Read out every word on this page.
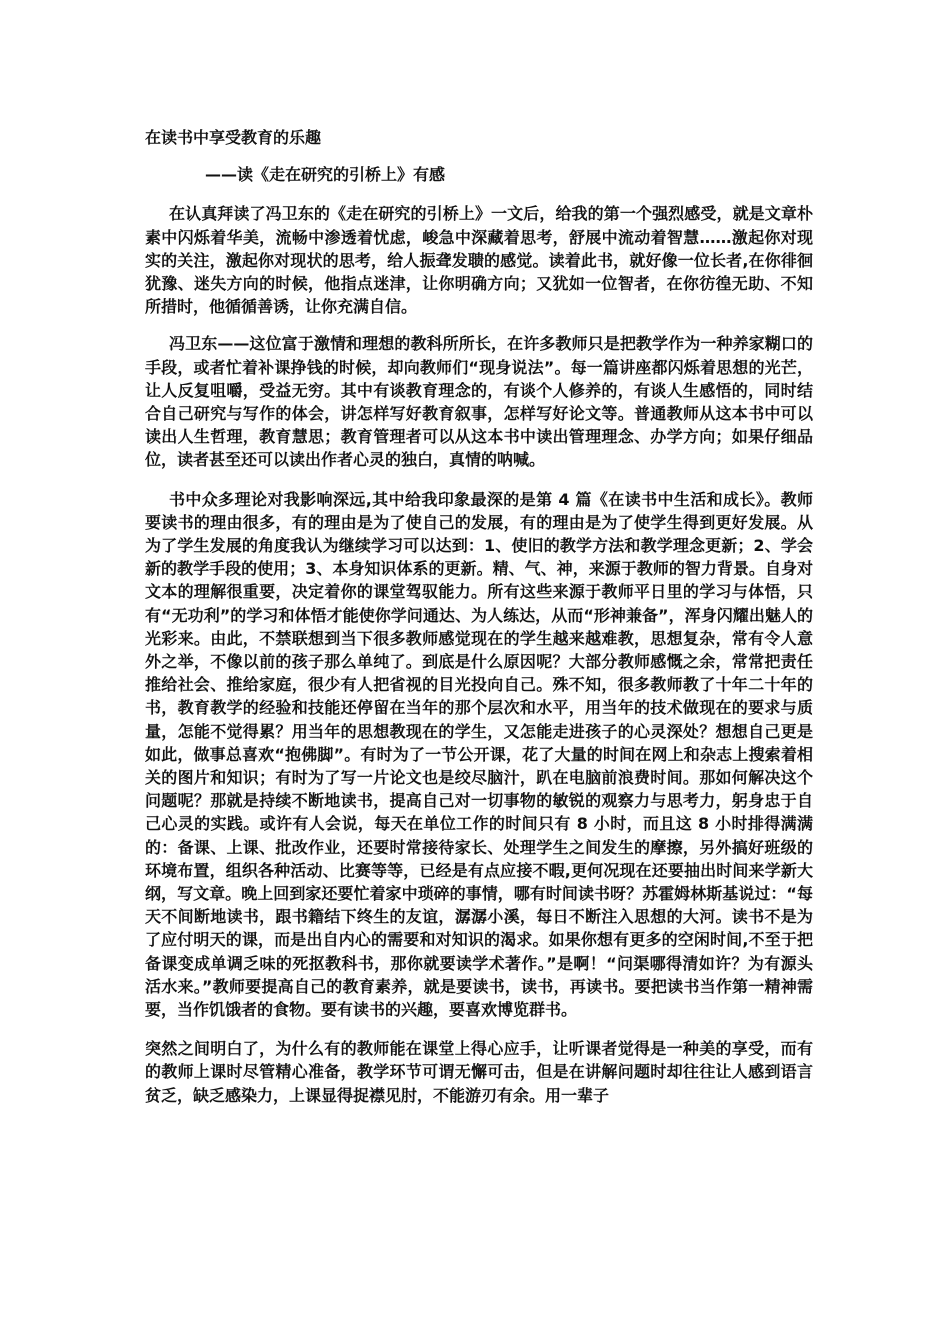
在读书中享受教育的乐趣
——读《走在研究的引桥上》有感

在认真拜读了冯卫东的《走在研究的引桥上》一文后，给我的第一个强烈感受，就是文章朴素中闪烁着华美，流畅中渗透着忧虑，峻急中深藏着思考，舒展中流动着智慧……激起你对现实的关注，激起你对现状的思考，给人振聋发聩的感觉。读着此书，就好像一位长者,在你徘徊犹豫、迷失方向的时候，他指点迷津，让你明确方向；又犹如一位智者，在你彷徨无助、不知所措时，他循循善诱，让你充满自信。

冯卫东——这位富于激情和理想的教科所所长，在许多教师只是把教学作为一种养家糊口的手段，或者忙着补课挣钱的时候，却向教师们“现身说法”。每一篇讲座都闪烁着思想的光芒，让人反复咀嚼，受益无穷。其中有谈教育理念的，有谈个人修养的，有谈人生感悟的，同时结合自己研究与写作的体会，讲怎样写好教育叙事，怎样写好论文等。普通教师从这本书中可以读出人生哲理，教育慧思；教育管理者可以从这本书中读出管理理念、办学方向；如果仔细品位，读者甚至还可以读出作者心灵的独白，真情的呐喊。

书中众多理论对我影响深远,其中给我印象最深的是第 4 篇《在读书中生活和成长》。教师要读书的理由很多，有的理由是为了使自己的发展，有的理由是为了使学生得到更好发展。从为了学生发展的角度我认为继续学习可以达到：1、使旧的教学方法和教学理念更新；2、学会新的教学手段的使用；3、本身知识体系的更新。精、气、神，来源于教师的智力背景。自身对文本的理解很重要，决定着你的课堂驾驭能力。所有这些来源于教师平日里的学习与体悟，只有“无功利”的学习和体悟才能使你学问通达、为人练达，从而“形神兼备”，浑身闪耀出魅人的光彩来。由此，不禁联想到当下很多教师感觉现在的学生越来越难教，思想复杂，常有令人意外之举，不像以前的孩子那么单纯了。到底是什么原因呢？大部分教师感慨之余，常常把责任推给社会、推给家庭，很少有人把省视的目光投向自己。殊不知，很多教师教了十年二十年的书，教育教学的经验和技能还停留在当年的那个层次和水平，用当年的技术做现在的要求与质量，怎能不觉得累？用当年的思想教现在的学生，又怎能走进孩子的心灵深处？想想自己更是如此，做事总喜欢“抱佛脚”。有时为了一节公开课，花了大量的时间在网上和杂志上搜索着相关的图片和知识；有时为了写一片论文也是绞尽脑汁，趴在电脑前浪费时间。那如何解决这个问题呢？那就是持续不断地读书，提高自己对一切事物的敏锐的观察力与思考力，躬身忠于自己心灵的实践。或许有人会说，每天在单位工作的时间只有 8 小时，而且这 8 小时排得满满的：备课、上课、批改作业，还要时常接待家长、处理学生之间发生的摩擦，另外搞好班级的环境布置，组织各种活动、比赛等等，已经是有点应接不暇,更何况现在还要抽出时间来学新大纲，写文章。晚上回到家还要忙着家中琐碎的事情，哪有时间读书呀？苏霍姆林斯基说过：“每天不间断地读书，跟书籍结下终生的友谊，潺潺小溪，每日不断注入思想的大河。读书不是为了应付明天的课，而是出自内心的需要和对知识的渴求。如果你想有更多的空闲时间,不至于把备课变成单调乏味的死抠教科书，那你就要读学术著作。”是啊！“问渠哪得清如许？为有源头活水来。”教师要提高自己的教育素养，就是要读书，读书，再读书。要把读书当作第一精神需要，当作饥饿者的食物。要有读书的兴趣，要喜欢博览群书。

突然之间明白了，为什么有的教师能在课堂上得心应手，让听课者觉得是一种美的享受，而有的教师上课时尽管精心准备，教学环节可谓无懈可击，但是在讲解问题时却往往让人感到语言贫乏，缺乏感染力，上课显得捉襟见肘，不能游刃有余。用一辈子
